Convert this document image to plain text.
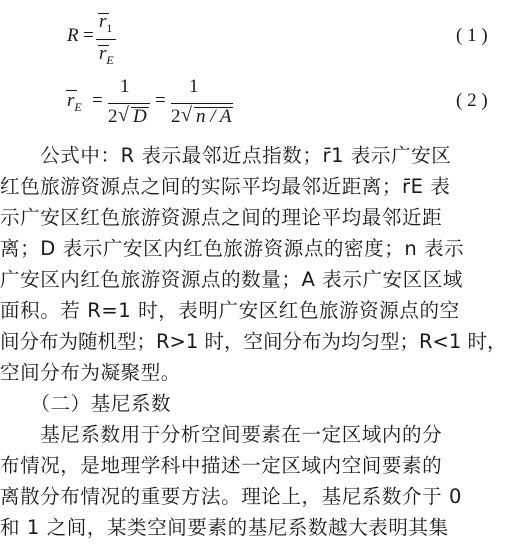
R =
$r_1$
$r_E$
( 1 )
$r_E$ =
1
2 √ D
=
1
2 √ n / A
( 2 )
　　公式中：R 表示最邻近点指数；r̄1 表示广安区
红色旅游资源点之间的实际平均最邻近距离；r̄E 表
示广安区红色旅游资源点之间的理论平均最邻近距
离；D 表示广安区内红色旅游资源点的密度；n 表示
广安区内红色旅游资源点的数量；A 表示广安区区域
面积。若 R=1 时，表明广安区红色旅游资源点的空
间分布为随机型；R>1 时，空间分布为均匀型；R<1 时，
空间分布为凝聚型。
　　（二）基尼系数
　　基尼系数用于分析空间要素在一定区域内的分
布情况，是地理学科中描述一定区域内空间要素的
离散分布情况的重要方法。理论上，基尼系数介于 0
和 1 之间，某类空间要素的基尼系数越大表明其集
